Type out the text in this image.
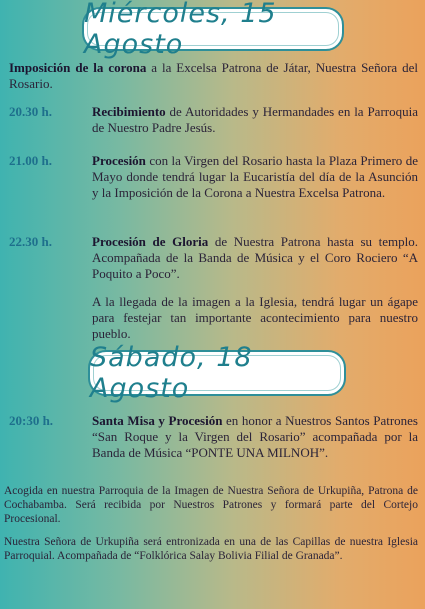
Miércoles, 15 Agosto
Imposición de la corona a la Excelsa Patrona de Játar, Nuestra Señora del Rosario.
20.30 h.	Recibimiento de Autoridades y Hermandades en la Parroquia de Nuestro Padre Jesús.
21.00 h.	Procesión con la Virgen del Rosario hasta la Plaza Primero de Mayo donde tendrá lugar la Eucaristía del día de la Asunción y la Imposición de la Corona a Nuestra Excelsa Patrona.
22.30 h.	Procesión de Gloria de Nuestra Patrona hasta su templo. Acompañada de la Banda de Música y el Coro Rociero “A Poquito a Poco”.
A la llegada de la imagen a la Iglesia, tendrá lugar un ágape para festejar tan importante acontecimiento para nuestro pueblo.
Sábado, 18 Agosto
20:30 h.	Santa Misa y Procesión en honor a Nuestros Santos Patrones “San Roque y la Virgen del Rosario” acompañada por la Banda de Música “PONTE UNA MILNOH”.
Acogida en nuestra Parroquia de la Imagen de Nuestra Señora de Urkupiña, Patrona de Cochabamba. Será recibida por Nuestros Patrones y formará parte del Cortejo Procesional.
Nuestra Señora de Urkupiña será entronizada en una de las Capillas de nuestra Iglesia Parroquial. Acompañada de “Folklórica Salay Bolivia Filial de Granada”.
